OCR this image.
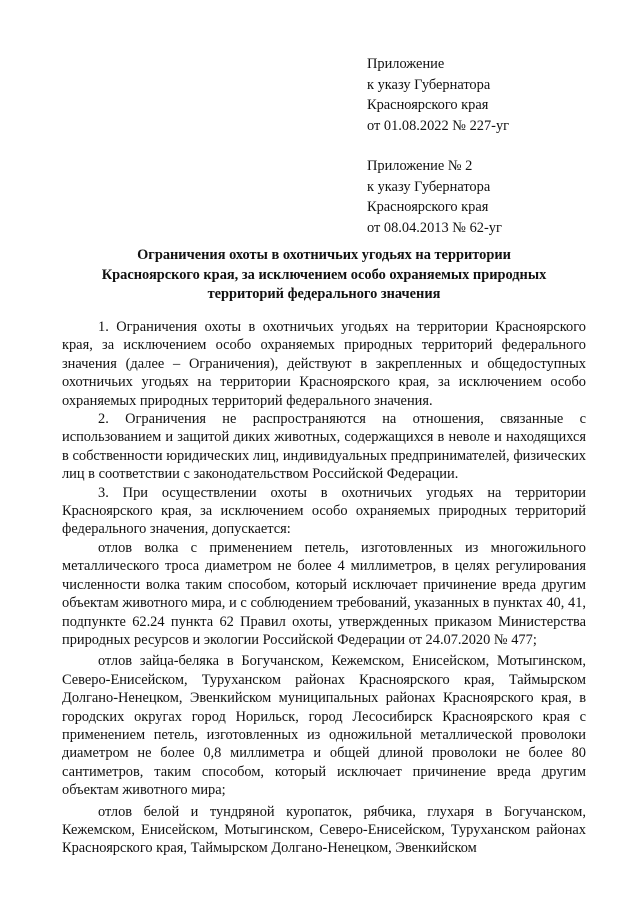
Приложение
к указу Губернатора
Красноярского края
от 01.08.2022 № 227-уг
Приложение № 2
к указу Губернатора
Красноярского края
от 08.04.2013 № 62-уг
Ограничения охоты в охотничьих угодьях на территории
Красноярского края, за исключением особо охраняемых природных
территорий федерального значения

1. Ограничения охоты в охотничьих угодьях на территории Красноярского края, за исключением особо охраняемых природных территорий федерального значения (далее – Ограничения), действуют в закрепленных и общедоступных охотничьих угодьях на территории Красноярского края, за исключением особо охраняемых природных территорий федерального значения.

2. Ограничения не распространяются на отношения, связанные с использованием и защитой диких животных, содержащихся в неволе и находящихся в собственности юридических лиц, индивидуальных предпринимателей, физических лиц в соответствии с законодательством Российской Федерации.

3. При осуществлении охоты в охотничьих угодьях на территории Красноярского края, за исключением особо охраняемых природных территорий федерального значения, допускается:

отлов волка с применением петель, изготовленных из многожильного металлического троса диаметром не более 4 миллиметров, в целях регулирования численности волка таким способом, который исключает причинение вреда другим объектам животного мира, и с соблюдением требований, указанных в пунктах 40, 41, подпункте 62.24 пункта 62 Правил охоты, утвержденных приказом Министерства природных ресурсов и экологии Российской Федерации от 24.07.2020 № 477;

отлов зайца-беляка в Богучанском, Кежемском, Енисейском, Мотыгинском, Северо-Енисейском, Туруханском районах Красноярского края, Таймырском Долгано-Ненецком, Эвенкийском муниципальных районах Красноярского края, в городских округах город Норильск, город Лесосибирск Красноярского края с применением петель, изготовленных из одножильной металлической проволоки диаметром не более 0,8 миллиметра и общей длиной проволоки не более 80 сантиметров, таким способом, который исключает причинение вреда другим объектам животного мира;

отлов белой и тундряной куропаток, рябчика, глухаря в Богучанском, Кежемском, Енисейском, Мотыгинском, Северо-Енисейском, Туруханском районах Красноярского края, Таймырском Долгано-Ненецком, Эвенкийском
